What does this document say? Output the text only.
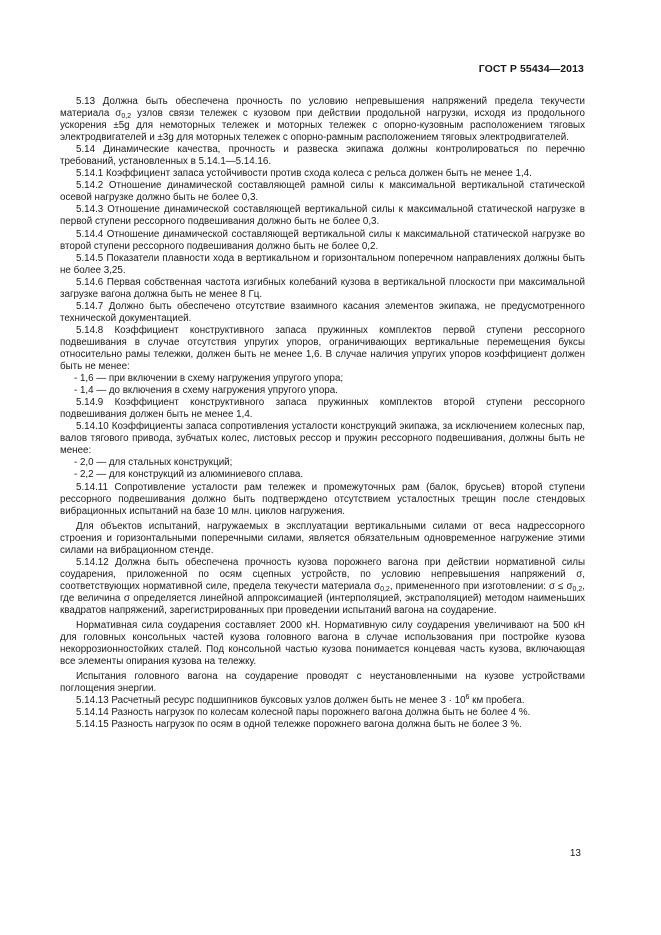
ГОСТ Р 55434—2013

5.13 Должна быть обеспечена прочность по условию непревышения напряжений предела текучести материала $\sigma_{0,2}$ узлов связи тележек с кузовом при действии продольной нагрузки, исходя из продольного ускорения ±5g для немоторных тележек и моторных тележек с опорно-кузовным расположением тяговых электродвигателей и ±3g для моторных тележек с опорно-рамным расположением тяговых электродвигателей.

5.14 Динамические качества, прочность и развеска экипажа должны контролироваться по перечню требований, установленных в 5.14.1—5.14.16.

5.14.1 Коэффициент запаса устойчивости против схода колеса с рельса должен быть не менее 1,4.

5.14.2 Отношение динамической составляющей рамной силы к максимальной вертикальной статической осевой нагрузке должно быть не более 0,3.

5.14.3 Отношение динамической составляющей вертикальной силы к максимальной статической нагрузке в первой ступени рессорного подвешивания должно быть не более 0,3.

5.14.4 Отношение динамической составляющей вертикальной силы к максимальной статической нагрузке во второй ступени рессорного подвешивания должно быть не более 0,2.

5.14.5 Показатели плавности хода в вертикальном и горизонтальном поперечном направлениях должны быть не более 3,25.

5.14.6 Первая собственная частота изгибных колебаний кузова в вертикальной плоскости при максимальной загрузке вагона должна быть не менее 8 Гц.

5.14.7 Должно быть обеспечено отсутствие взаимного касания элементов экипажа, не предусмотренного технической документацией.

5.14.8 Коэффициент конструктивного запаса пружинных комплектов первой ступени рессорного подвешивания в случае отсутствия упругих упоров, ограничивающих вертикальные перемещения буксы относительно рамы тележки, должен быть не менее 1,6. В случае наличия упругих упоров коэффициент должен быть не менее:

- 1,6 — при включении в схему нагружения упругого упора;

- 1,4 — до включения в схему нагружения упругого упора.

5.14.9 Коэффициент конструктивного запаса пружинных комплектов второй ступени рессорного подвешивания должен быть не менее 1,4.

5.14.10 Коэффициенты запаса сопротивления усталости конструкций экипажа, за исключением колесных пар, валов тягового привода, зубчатых колес, листовых рессор и пружин рессорного подвешивания, должны быть не менее:

- 2,0 — для стальных конструкций;

- 2,2 — для конструкций из алюминиевого сплава.

5.14.11 Сопротивление усталости рам тележек и промежуточных рам (балок, брусьев) второй ступени рессорного подвешивания должно быть подтверждено отсутствием усталостных трещин после стендовых вибрационных испытаний на базе 10 млн. циклов нагружения.

Для объектов испытаний, нагружаемых в эксплуатации вертикальными силами от веса надрессорного строения и горизонтальными поперечными силами, является обязательным одновременное нагружение этими силами на вибрационном стенде.

5.14.12 Должна быть обеспечена прочность кузова порожнего вагона при действии нормативной силы соударения, приложенной по осям сцепных устройств, по условию непревышения напряжений σ, соответствующих нормативной силе, предела текучести материала $\sigma_{0,2}$, примененного при изготовлении: $\sigma \le \sigma_{0,2}$, где величина σ определяется линейной аппроксимацией (интерполяцией, экстраполяцией) методом наименьших квадратов напряжений, зарегистрированных при проведении испытаний вагона на соударение.

Нормативная сила соударения составляет 2000 кН. Нормативную силу соударения увеличивают на 500 кН для головных консольных частей кузова головного вагона в случае использования при постройке кузова некоррозионностойких сталей. Под консольной частью кузова понимается концевая часть кузова, включающая все элементы опирания кузова на тележку.

Испытания головного вагона на соударение проводят с неустановленными на кузове устройствами поглощения энергии.

5.14.13 Расчетный ресурс подшипников буксовых узлов должен быть не менее $3 \cdot 10^6$ км пробега.

5.14.14 Разность нагрузок по колесам колесной пары порожнего вагона должна быть не более 4 %.

5.14.15 Разность нагрузок по осям в одной тележке порожнего вагона должна быть не более 3 %.

13
